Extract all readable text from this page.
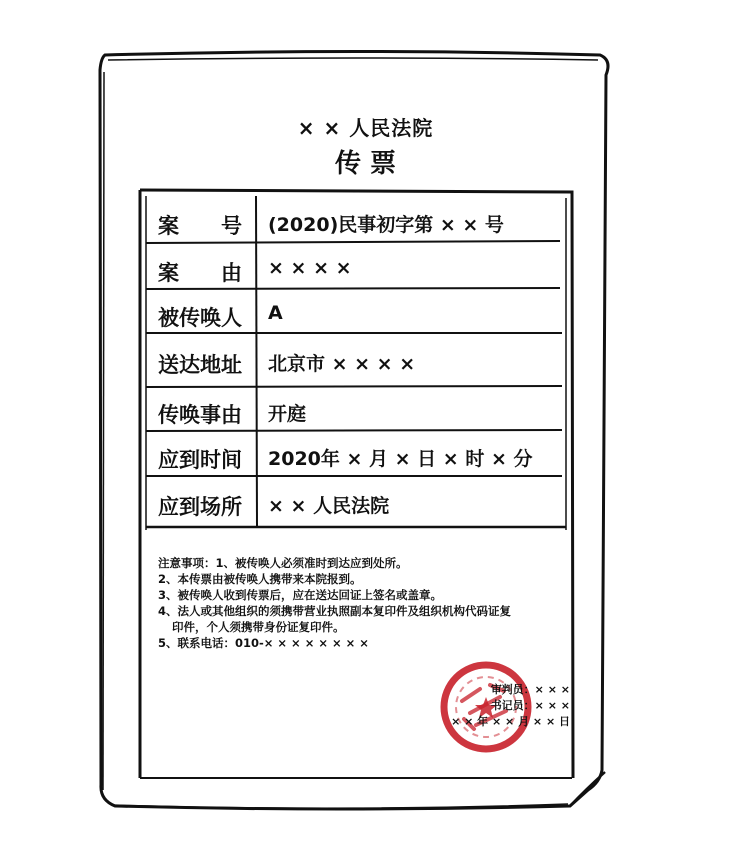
× × 人民法院
传 票
案　　号	(2020)民事初字第 × × 号
案　　由	× × × ×
被传唤人	A
送达地址	北京市 × × × ×
传唤事由	开庭
应到时间	2020年 × 月 × 日 × 时 × 分
应到场所	× × 人民法院
注意事项：1、被传唤人必须准时到达应到处所。
2、本传票由被传唤人携带来本院报到。
3、被传唤人收到传票后，应在送达回证上签名或盖章。
4、法人或其他组织的须携带营业执照副本复印件及组织机构代码证复
印件，个人须携带身份证复印件。
5、联系电话：010-× × × × × × × ×
审判员：× × ×
书记员：× × ×
× × 年 × × 月 × × 日
